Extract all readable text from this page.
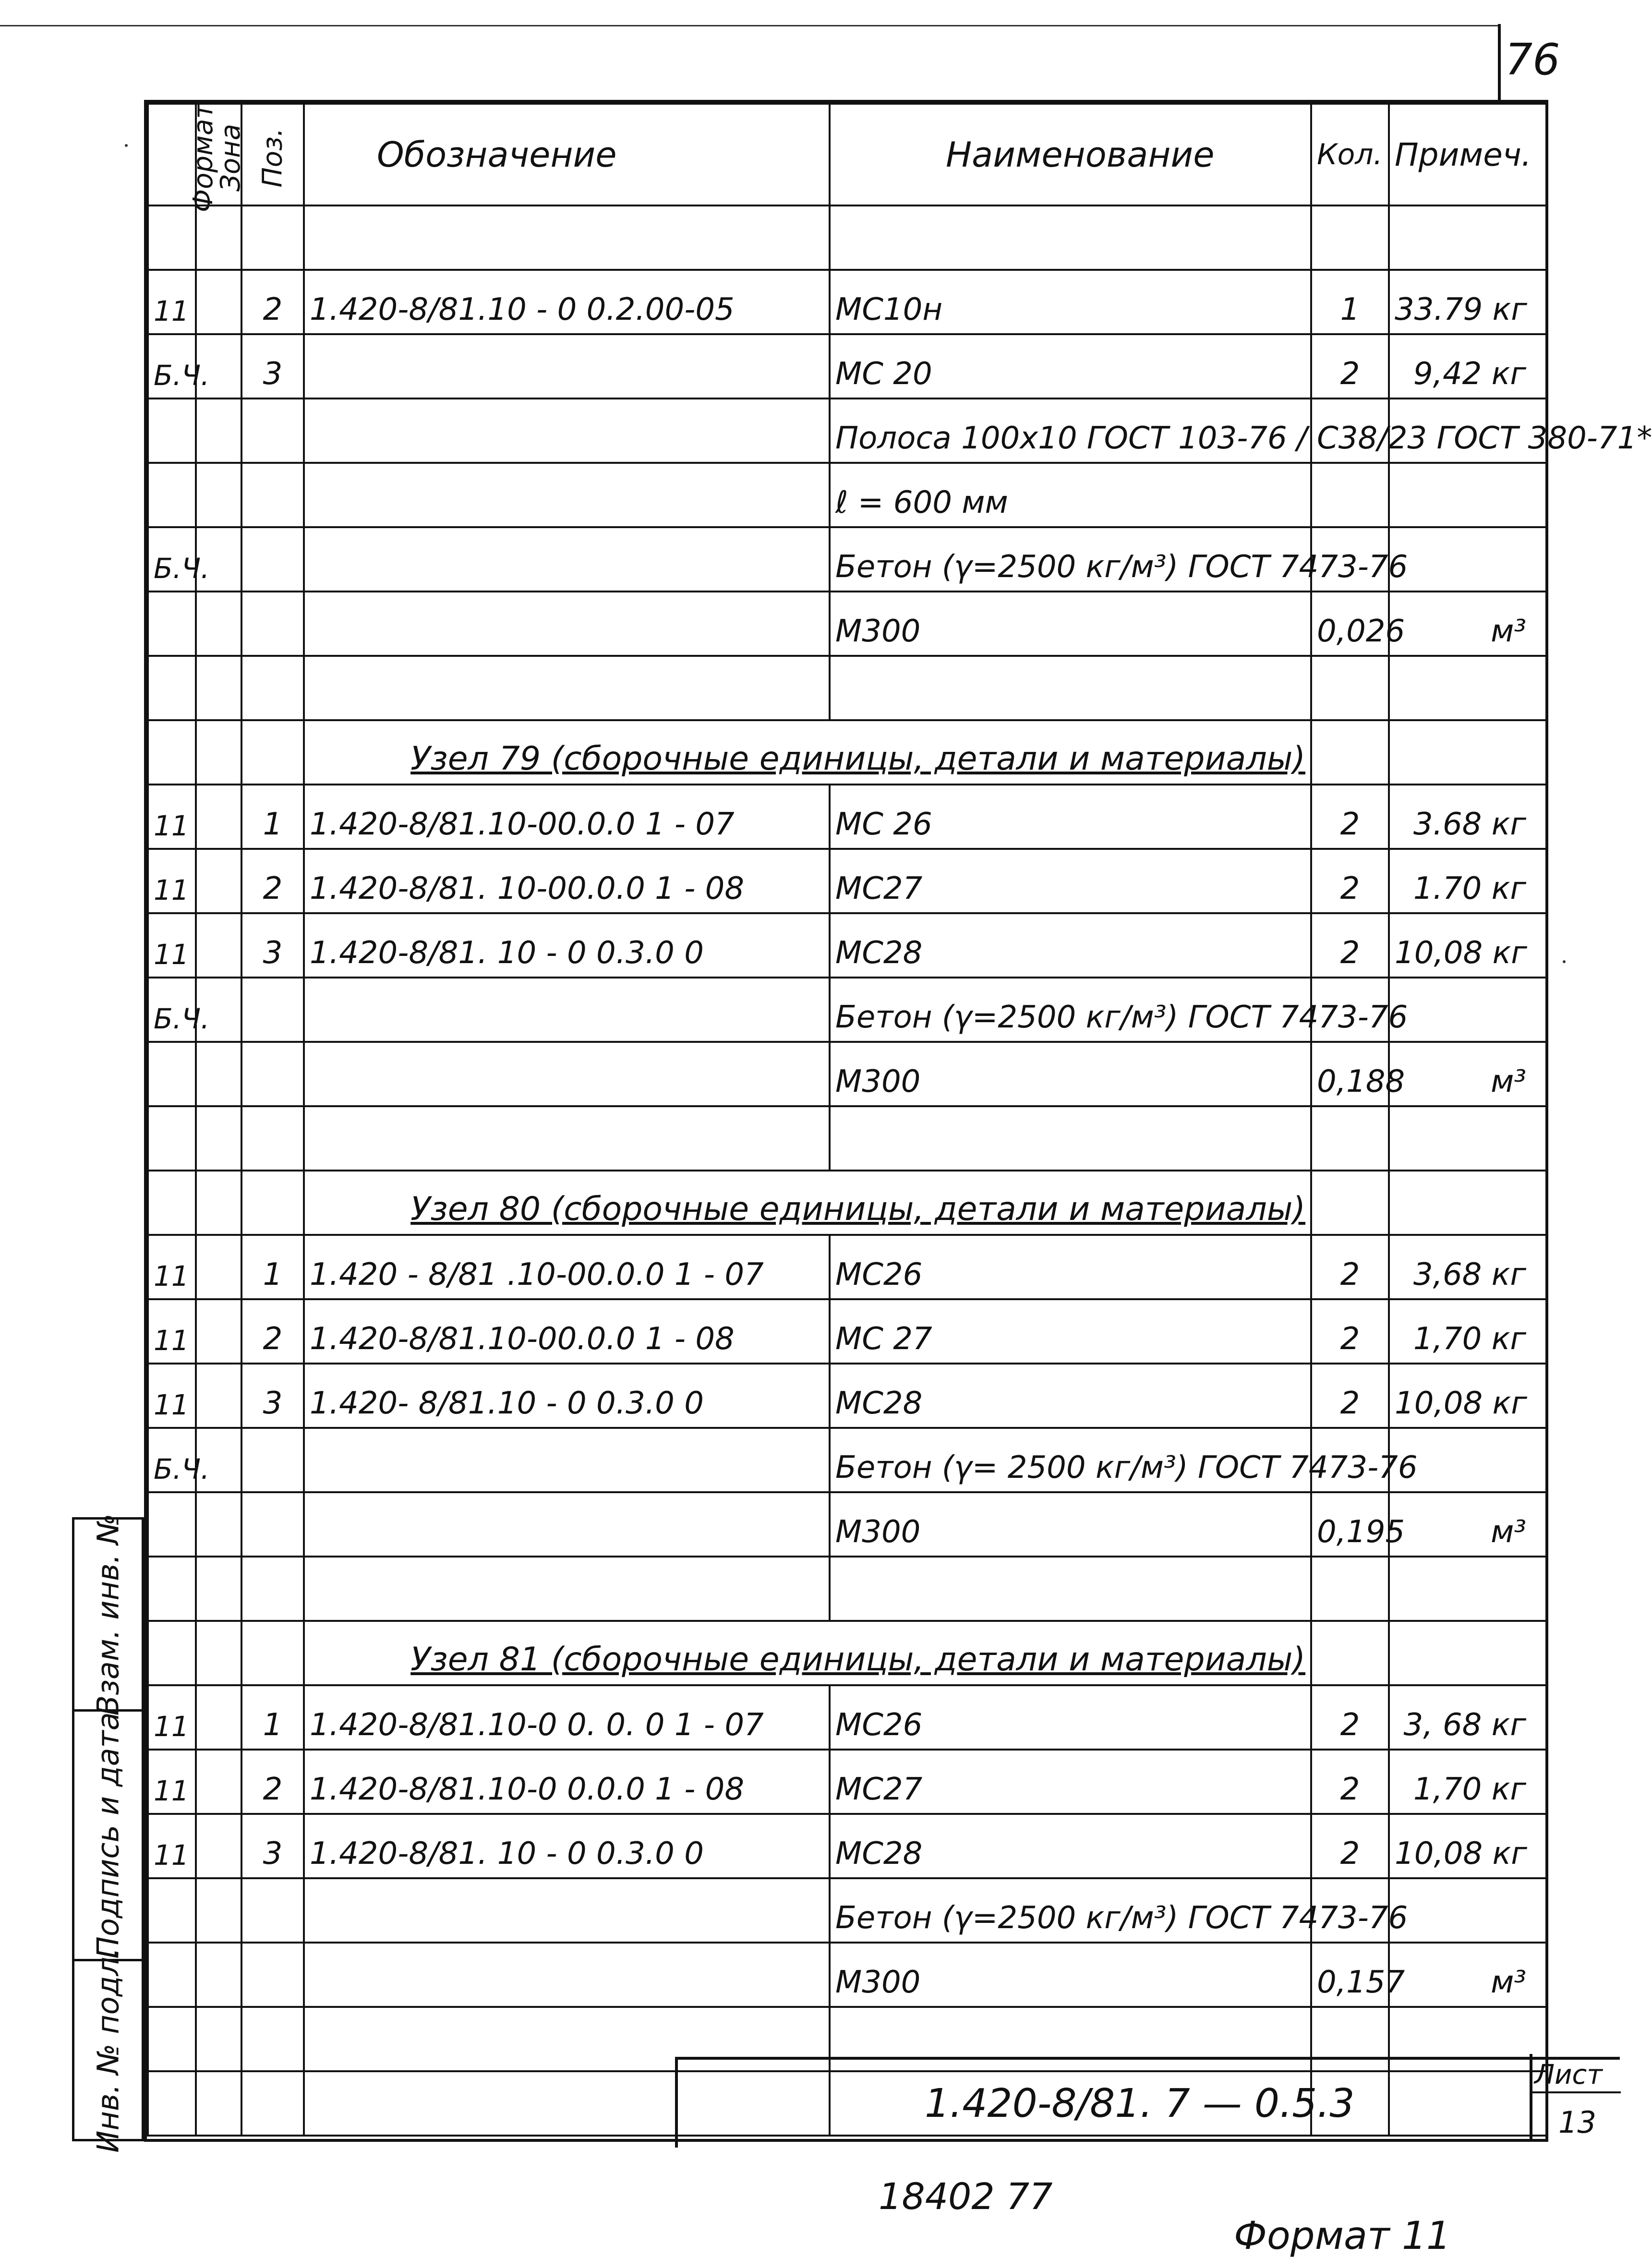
76
Формат	Зона	Поз.	Обозначение	Наименование	Кол.	Примеч.

11		2	1.420-8/81.10 - 0 0.2.00-05	МС10н	1	33.79 кг
Б.Ч.		3		МС 20	2	9,42 кг
				Полоса 100x10 ГОСТ 103-76 / С38/23 ГОСТ 380-71*		
				ℓ = 600 мм		
Б.Ч.				Бетон (γ=2500 кг/м³) ГОСТ 7473-76		
				М300	0,026	м³

			Узел 79 (сборочные единицы, детали и материалы)			
11		1	1.420-8/81.10-00.0.0 1 - 07	МС 26	2	3.68 кг
11		2	1.420-8/81. 10-00.0.0 1 - 08	МС27	2	1.70 кг
11		3	1.420-8/81. 10 - 0 0.3.0 0	МС28	2	10,08 кг
Б.Ч.				Бетон (γ=2500 кг/м³) ГОСТ 7473-76		
				М300	0,188	м³

			Узел 80 (сборочные единицы, детали и материалы)			
11		1	1.420 - 8/81 .10-00.0.0 1 - 07	МС26	2	3,68 кг
11		2	1.420-8/81.10-00.0.0 1 - 08	МС 27	2	1,70 кг
11		3	1.420- 8/81.10 - 0 0.3.0 0	МС28	2	10,08 кг
Б.Ч.				Бетон (γ= 2500 кг/м³) ГОСТ 7473-76		
				М300	0,195	м³

			Узел 81 (сборочные единицы, детали и материалы)			
11		1	1.420-8/81.10-0 0. 0. 0 1 - 07	МС26	2	3, 68 кг
11		2	1.420-8/81.10-0 0.0.0 1 - 08	МС27	2	1,70 кг
11		3	1.420-8/81. 10 - 0 0.3.0 0	МС28	2	10,08 кг
				Бетон (γ=2500 кг/м³) ГОСТ 7473-76		
				М300	0,157	м³

1.420-8/81. 7 — 0.5.3
Лист
13
Взам. инв. №
Подпись и дата
Инв. № подл.
18402 77
Формат 11
